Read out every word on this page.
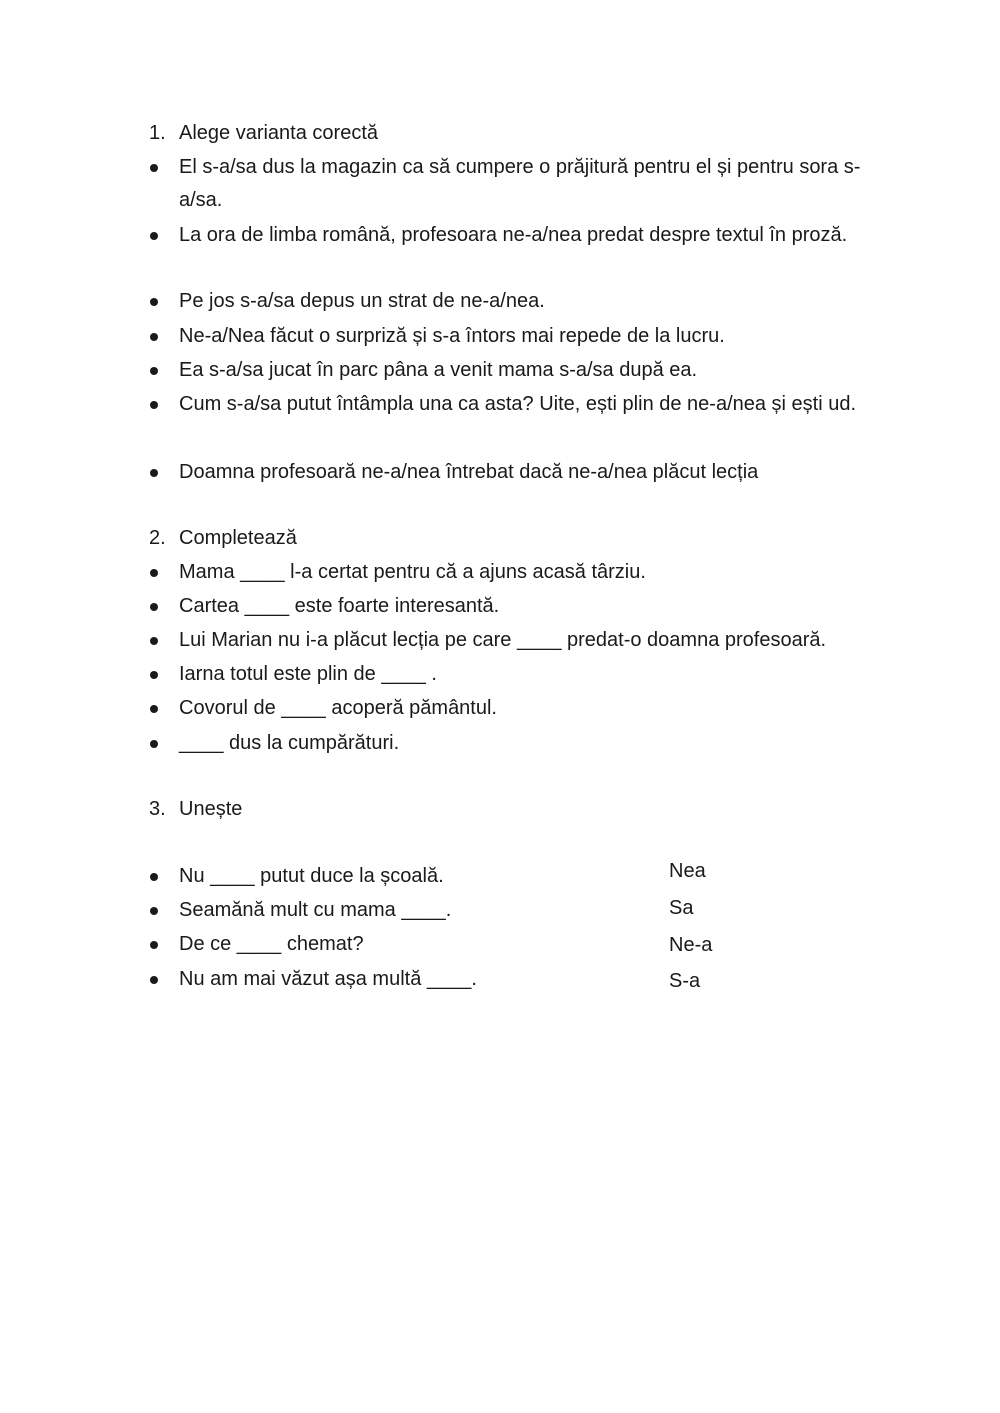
1. Alege varianta corectă
El s-a/sa dus la magazin ca să cumpere o prăjitură pentru el și pentru sora s-a/sa.
La ora de limba română, profesoara ne-a/nea predat despre textul în proză.
Pe jos s-a/sa depus un strat de ne-a/nea.
Ne-a/Nea făcut o surpriză și s-a întors mai repede de la lucru.
Ea s-a/sa jucat în parc pâna a venit mama s-a/sa după ea.
Cum s-a/sa putut întâmpla una ca asta? Uite, ești plin de ne-a/nea și ești ud.
Doamna profesoară ne-a/nea întrebat dacă ne-a/nea plăcut lecția
2. Completează
Mama ____ l-a certat pentru că a ajuns acasă târziu.
Cartea ____ este foarte interesantă.
Lui Marian nu i-a plăcut lecția pe care ____ predat-o doamna profesoară.
Iarna totul este plin de ____ .
Covorul de ____ acoperă pământul.
____ dus la cumpărături.
3. Unește
Nu ____ putut duce la școală.
Seamănă mult cu mama ____.
De ce ____ chemat?
Nu am mai văzut așa multă ____.
Nea
Sa
Ne-a
S-a
